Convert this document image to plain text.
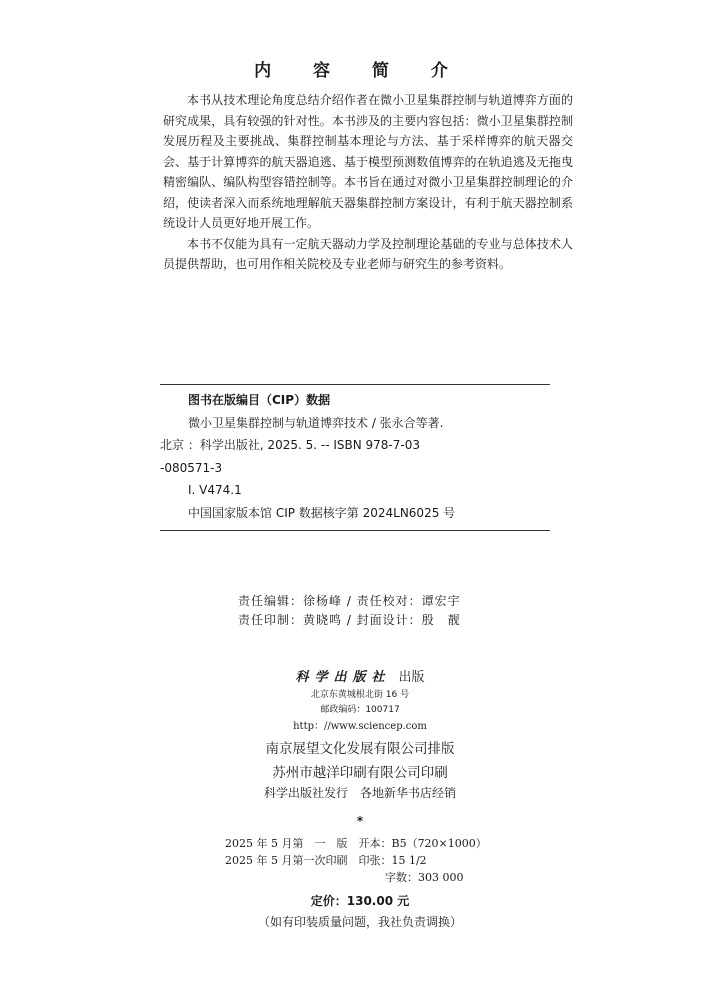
内 容 简 介

本书从技术理论角度总结介绍作者在微小卫星集群控制与轨道博弈方面的研究成果，具有较强的针对性。本书涉及的主要内容包括：微小卫星集群控制发展历程及主要挑战、集群控制基本理论与方法、基于采样博弈的航天器交会、基于计算博弈的航天器追逃、基于模型预测数值博弈的在轨追逃及无拖曳精密编队、编队构型容错控制等。本书旨在通过对微小卫星集群控制理论的介绍，使读者深入而系统地理解航天器集群控制方案设计，有利于航天器控制系统设计人员更好地开展工作。

本书不仅能为具有一定航天器动力学及控制理论基础的专业与总体技术人员提供帮助，也可用作相关院校及专业老师与研究生的参考资料。

图书在版编目（CIP）数据
微小卫星集群控制与轨道博弈技术 / 张永合等著.
北京 ：科学出版社, 2025. 5. -- ISBN 978-7-03
-080571-3
Ⅰ. V474.1
中国国家版本馆 CIP 数据核字第 2024LN6025 号
责任编辑：徐杨峰 / 责任校对：谭宏宇
责任印制：黄晓鸣 / 封面设计：殷　靓
科学出版社 出版
北京东黄城根北街 16 号
邮政编码：100717
http：//www.sciencep.com
南京展望文化发展有限公司排版
苏州市越洋印刷有限公司印刷
科学出版社发行　各地新华书店经销
*
2025 年 5 月第　一　版　开本：B5（720×1000）
2025 年 5 月第一次印刷　印张：15 1/2
字数：303 000
定价：130.00 元
（如有印装质量问题，我社负责调换）
